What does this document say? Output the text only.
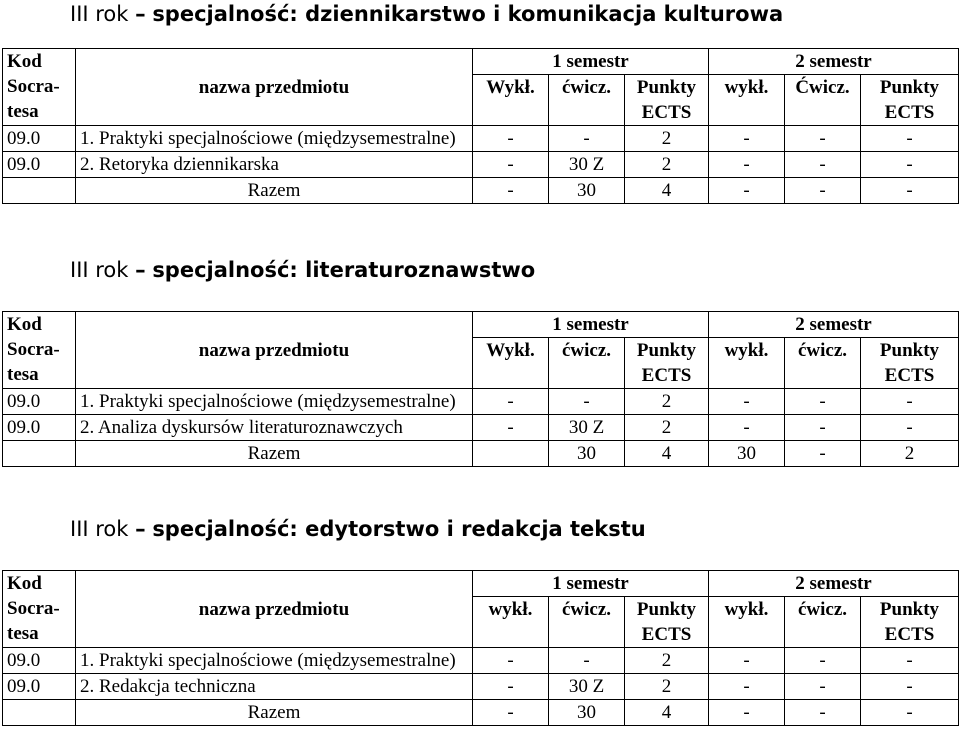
III rok – specjalność: dziennikarstwo i komunikacja kulturowa
Kod Socra-tesa	nazwa przedmiotu	1 semestr			2 semestr		
		Wykł.	ćwicz.	Punkty ECTS	wykł.	Ćwicz.	Punkty ECTS
09.0	1. Praktyki specjalnościowe (międzysemestralne)	-	-	2	-	-	-
09.0	2. Retoryka dziennikarska	-	30 Z	2	-	-	-
	Razem	-	30	4	-	-	-
III rok – specjalność: literaturoznawstwo
Kod Socra-tesa	nazwa przedmiotu	1 semestr			2 semestr		
		Wykł.	ćwicz.	Punkty ECTS	wykł.	ćwicz.	Punkty ECTS
09.0	1. Praktyki specjalnościowe (międzysemestralne)	-	-	2	-	-	-
09.0	2. Analiza dyskursów literaturoznawczych	-	30 Z	2	-	-	-
	Razem		30	4	30	-	2
III rok – specjalność: edytorstwo i redakcja tekstu
Kod Socra-tesa	nazwa przedmiotu	1 semestr			2 semestr		
		wykł.	ćwicz.	Punkty ECTS	wykł.	ćwicz.	Punkty ECTS
09.0	1. Praktyki specjalnościowe (międzysemestralne)	-	-	2	-	-	-
09.0	2. Redakcja techniczna	-	30 Z	2	-	-	-
	Razem	-	30	4	-	-	-
